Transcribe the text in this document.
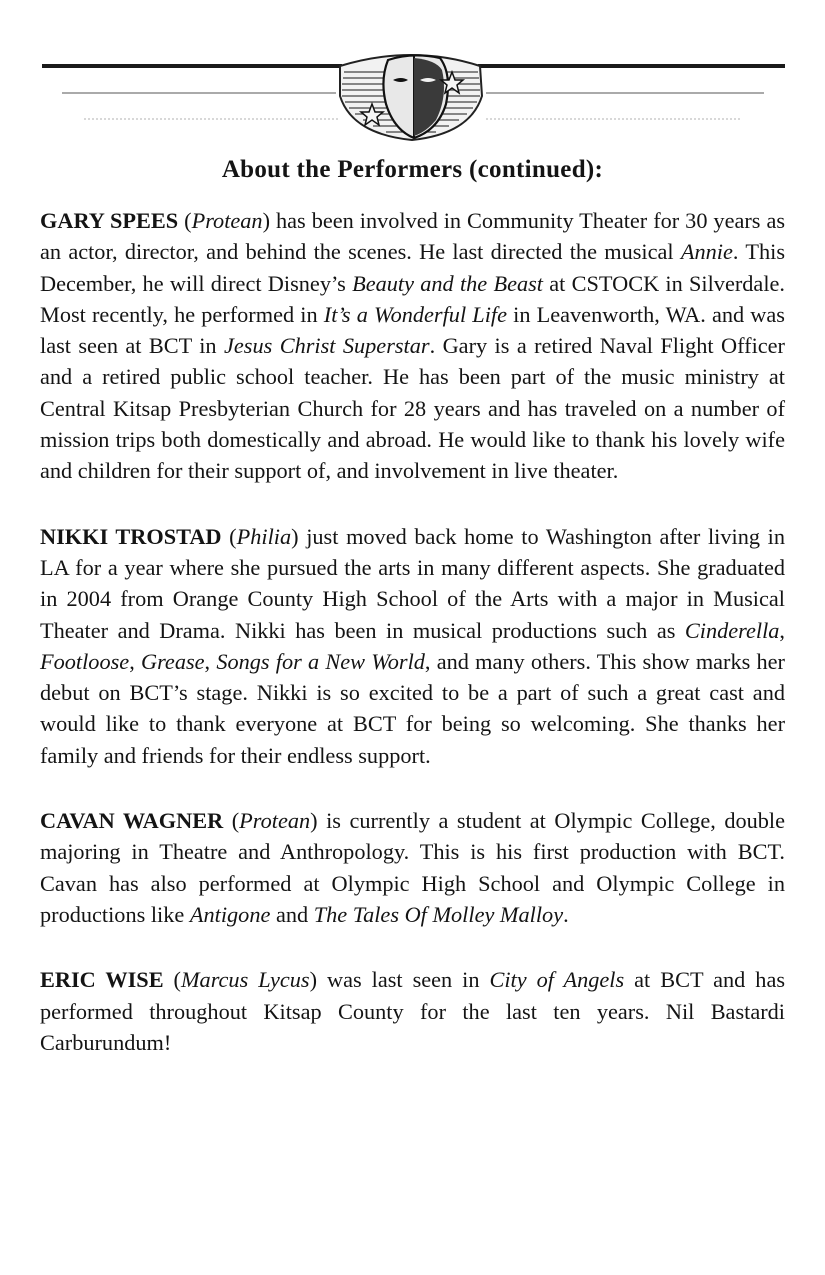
About the Performers (continued):

GARY SPEES (Protean) has been involved in Community Theater for 30 years as an actor, director, and behind the scenes. He last directed the musical Annie. This December, he will direct Disney’s Beauty and the Beast at CSTOCK in Silverdale. Most recently, he performed in It’s a Wonderful Life in Leavenworth, WA. and was last seen at BCT in Jesus Christ Superstar. Gary is a retired Naval Flight Officer and a retired public school teacher. He has been part of the music ministry at Central Kitsap Presbyterian Church for 28 years and has traveled on a number of mission trips both domestically and abroad. He would like to thank his lovely wife and children for their support of, and involvement in live theater.

NIKKI TROSTAD (Philia) just moved back home to Washington after living in LA for a year where she pursued the arts in many different aspects. She graduated in 2004 from Orange County High School of the Arts with a major in Musical Theater and Drama. Nikki has been in musical productions such as Cinderella, Footloose, Grease, Songs for a New World, and many others. This show marks her debut on BCT’s stage. Nikki is so excited to be a part of such a great cast and would like to thank everyone at BCT for being so welcoming. She thanks her family and friends for their endless support.

CAVAN WAGNER (Protean) is currently a student at Olympic College, double majoring in Theatre and Anthropology. This is his first production with BCT. Cavan has also performed at Olympic High School and Olympic College in productions like Antigone and The Tales Of Molley Malloy.

ERIC WISE (Marcus Lycus) was last seen in City of Angels at BCT and has performed throughout Kitsap County for the last ten years. Nil Bastardi Carburundum!
